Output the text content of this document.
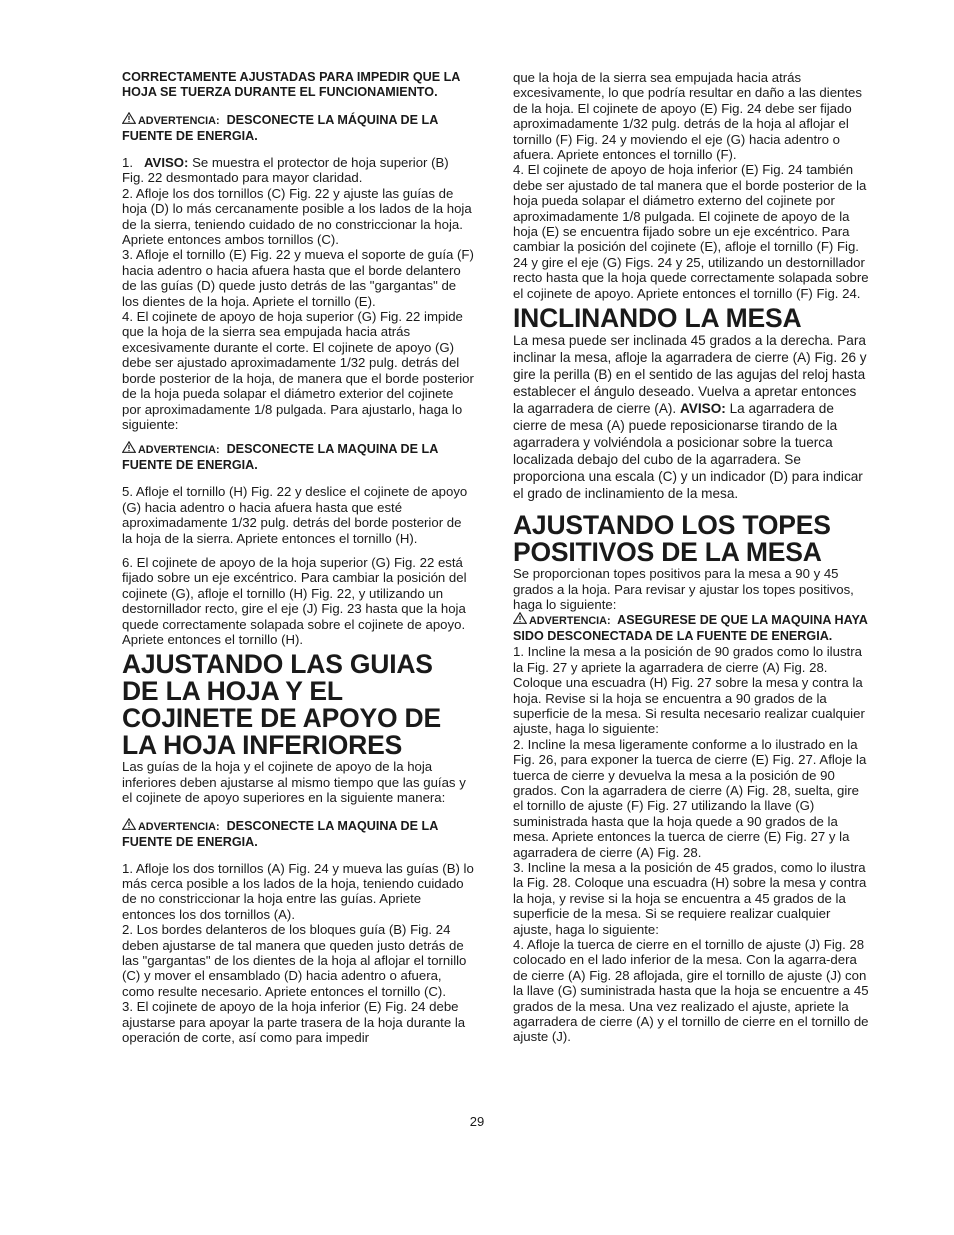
CORRECTAMENTE AJUSTADAS PARA IMPEDIR QUE LA HOJA SE TUERZA DURANTE EL FUNCIONAMIENTO.

ADVERTENCIA: DESCONECTE LA MÁQUINA DE LA FUENTE DE ENERGIA.

1. AVISO: Se muestra el protector de hoja superior (B) Fig. 22 desmontado para mayor claridad.

2. Afloje los dos tornillos (C) Fig. 22 y ajuste las guías de hoja (D) lo más cercanamente posible a los lados de la hoja de la sierra, teniendo cuidado de no constriccionar la hoja. Apriete entonces ambos tornillos (C).

3. Afloje el tornillo (E) Fig. 22 y mueva el soporte de guía (F) hacia adentro o hacia afuera hasta que el borde delantero de las guías (D) quede justo detrás de las "gargantas" de los dientes de la hoja. Apriete el tornillo (E).

4. El cojinete de apoyo de hoja superior (G) Fig. 22 impide que la hoja de la sierra sea empujada hacia atrás excesivamente durante el corte. El cojinete de apoyo (G) debe ser ajustado aproximadamente 1/32 pulg. detrás del borde posterior de la hoja, de manera que el borde posterior de la hoja pueda solapar el diámetro exterior del cojinete por aproximadamente 1/8 pulgada. Para ajustarlo, haga lo siguiente:

ADVERTENCIA: DESCONECTE LA MAQUINA DE LA FUENTE DE ENERGIA.

5. Afloje el tornillo (H) Fig. 22 y deslice el cojinete de apoyo (G) hacia adentro o hacia afuera hasta que esté aproximadamente 1/32 pulg. detrás del borde posterior de la hoja de la sierra. Apriete entonces el tornillo (H).

6. El cojinete de apoyo de la hoja superior (G) Fig. 22 está fijado sobre un eje excéntrico. Para cambiar la posición del cojinete (G), afloje el tornillo (H) Fig. 22, y utilizando un destornillador recto, gire el eje (J) Fig. 23 hasta que la hoja quede correctamente solapada sobre el cojinete de apoyo. Apriete entonces el tornillo (H).

AJUSTANDO LAS GUIAS DE LA HOJA Y EL COJINETE DE APOYO DE LA HOJA INFERIORES

Las guías de la hoja y el cojinete de apoyo de la hoja inferiores deben ajustarse al mismo tiempo que las guías y el cojinete de apoyo superiores en la siguiente manera:

ADVERTENCIA: DESCONECTE LA MAQUINA DE LA FUENTE DE ENERGIA.

1. Afloje los dos tornillos (A) Fig. 24 y mueva las guías (B) lo más cerca posible a los lados de la hoja, teniendo cuidado de no constriccionar la hoja entre las guías. Apriete entonces los dos tornillos (A).

2. Los bordes delanteros de los bloques guía (B) Fig. 24 deben ajustarse de tal manera que queden justo detrás de las "gargantas" de los dientes de la hoja al aflojar el tornillo (C) y mover el ensamblado (D) hacia adentro o afuera, como resulte necesario. Apriete entonces el tornillo (C).

3. El cojinete de apoyo de la hoja inferior (E) Fig. 24 debe ajustarse para apoyar la parte trasera de la hoja durante la operación de corte, así como para impedir

que la hoja de la sierra sea empujada hacia atrás excesivamente, lo que podría resultar en daño a las dientes de la hoja. El cojinete de apoyo (E) Fig. 24 debe ser fijado aproximadamente 1/32 pulg. detrás de la hoja al aflojar el tornillo (F) Fig. 24 y moviendo el eje (G) hacia adentro o afuera. Apriete entonces el tornillo (F).

4. El cojinete de apoyo de hoja inferior (E) Fig. 24 también debe ser ajustado de tal manera que el borde posterior de la hoja pueda solapar el diámetro externo del cojinete por aproximadamente 1/8 pulgada. El cojinete de apoyo de la hoja (E) se encuentra fijado sobre un eje excéntrico. Para cambiar la posición del cojinete (E), afloje el tornillo (F) Fig. 24 y gire el eje (G) Figs. 24 y 25, utilizando un destornillador recto hasta que la hoja quede correctamente solapada sobre el cojinete de apoyo. Apriete entonces el tornillo (F) Fig. 24.

INCLINANDO LA MESA

La mesa puede ser inclinada 45 grados a la derecha. Para inclinar la mesa, afloje la agarradera de cierre (A) Fig. 26 y gire la perilla (B) en el sentido de las agujas del reloj hasta establecer el ángulo deseado. Vuelva a apretar entonces la agarradera de cierre (A). AVISO: La agarradera de cierre de mesa (A) puede reposicionarse tirando de la agarradera y volviéndola a posicionar sobre la tuerca localizada debajo del cubo de la agarradera. Se proporciona una escala (C) y un indicador (D) para indicar el grado de inclinamiento de la mesa.

AJUSTANDO LOS TOPES POSITIVOS DE LA MESA

Se proporcionan topes positivos para la mesa a 90 y 45 grados a la hoja. Para revisar y ajustar los topes positivos, haga lo siguiente:

ADVERTENCIA: ASEGURESE DE QUE LA MAQUINA HAYA SIDO DESCONECTADA DE LA FUENTE DE ENERGIA.

1. Incline la mesa a la posición de 90 grados como lo ilustra la Fig. 27 y apriete la agarradera de cierre (A) Fig. 28. Coloque una escuadra (H) Fig. 27 sobre la mesa y contra la hoja. Revise si la hoja se encuentra a 90 grados de la superficie de la mesa. Si resulta necesario realizar cualquier ajuste, haga lo siguiente:

2. Incline la mesa ligeramente conforme a lo ilustrado en la Fig. 26, para exponer la tuerca de cierre (E) Fig. 27. Afloje la tuerca de cierre y devuelva la mesa a la posición de 90 grados. Con la agarradera de cierre (A) Fig. 28, suelta, gire el tornillo de ajuste (F) Fig. 27 utilizando la llave (G) suministrada hasta que la hoja quede a 90 grados de la mesa. Apriete entonces la tuerca de cierre (E) Fig. 27 y la agarradera de cierre (A) Fig. 28.

3. Incline la mesa a la posición de 45 grados, como lo ilustra la Fig. 28. Coloque una escuadra (H) sobre la mesa y contra la hoja, y revise si la hoja se encuentra a 45 grados de la superficie de la mesa. Si se requiere realizar cualquier ajuste, haga lo siguiente:

4. Afloje la tuerca de cierre en el tornillo de ajuste (J) Fig. 28 colocado en el lado inferior de la mesa. Con la agarra-dera de cierre (A) Fig. 28 aflojada, gire el tornillo de ajuste (J) con la llave (G) suministrada hasta que la hoja se encuentre a 45 grados de la mesa. Una vez realizado el ajuste, apriete la agarradera de cierre (A) y el tornillo de cierre en el tornillo de ajuste (J).

29
